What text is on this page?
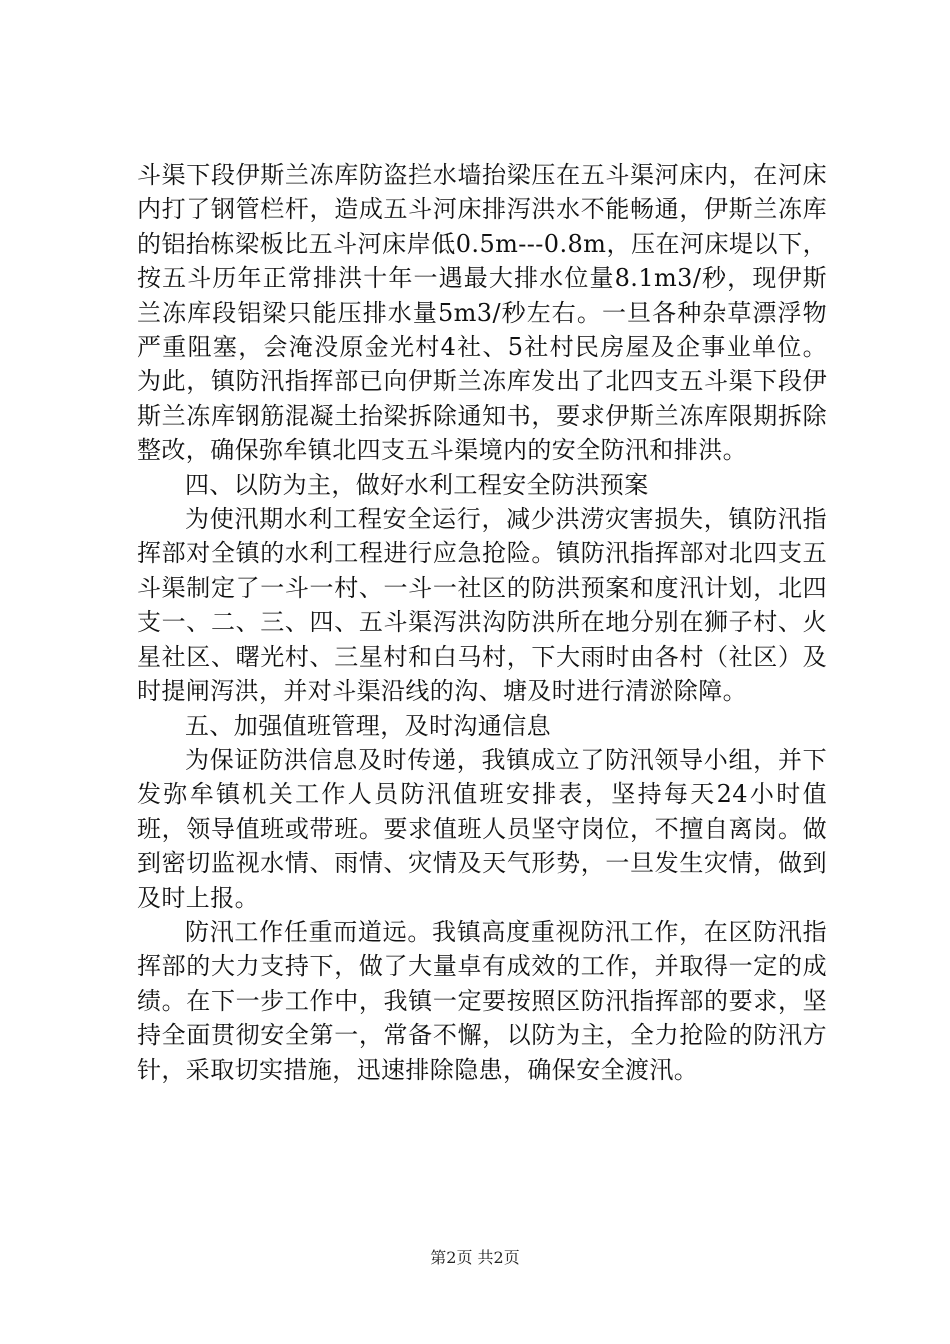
斗渠下段伊斯兰冻库防盗拦水墙抬梁压在五斗渠河床内，在河床内打了钢管栏杆，造成五斗河床排泻洪水不能畅通，伊斯兰冻库的铝抬栋梁板比五斗河床岸低0.5m---0.8m，压在河床堤以下，按五斗历年正常排洪十年一遇最大排水位量8.1m3/秒，现伊斯兰冻库段铝梁只能压排水量5m3/秒左右。一旦各种杂草漂浮物严重阻塞，会淹没原金光村4社、5社村民房屋及企事业单位。为此，镇防汛指挥部已向伊斯兰冻库发出了北四支五斗渠下段伊斯兰冻库钢筋混凝土抬梁拆除通知书，要求伊斯兰冻库限期拆除整改，确保弥牟镇北四支五斗渠境内的安全防汛和排洪。

四、以防为主，做好水利工程安全防洪预案

为使汛期水利工程安全运行，减少洪涝灾害损失，镇防汛指挥部对全镇的水利工程进行应急抢险。镇防汛指挥部对北四支五斗渠制定了一斗一村、一斗一社区的防洪预案和度汛计划，北四支一、二、三、四、五斗渠泻洪沟防洪所在地分别在狮子村、火星社区、曙光村、三星村和白马村，下大雨时由各村（社区）及时提闸泻洪，并对斗渠沿线的沟、塘及时进行清淤除障。

五、加强值班管理，及时沟通信息

为保证防洪信息及时传递，我镇成立了防汛领导小组，并下发弥牟镇机关工作人员防汛值班安排表，坚持每天24小时值班，领导值班或带班。要求值班人员坚守岗位，不擅自离岗。做到密切监视水情、雨情、灾情及天气形势，一旦发生灾情，做到及时上报。

防汛工作任重而道远。我镇高度重视防汛工作，在区防汛指挥部的大力支持下，做了大量卓有成效的工作，并取得一定的成绩。在下一步工作中，我镇一定要按照区防汛指挥部的要求，坚持全面贯彻安全第一，常备不懈，以防为主，全力抢险的防汛方针，采取切实措施，迅速排除隐患，确保安全渡汛。

第2页 共2页
